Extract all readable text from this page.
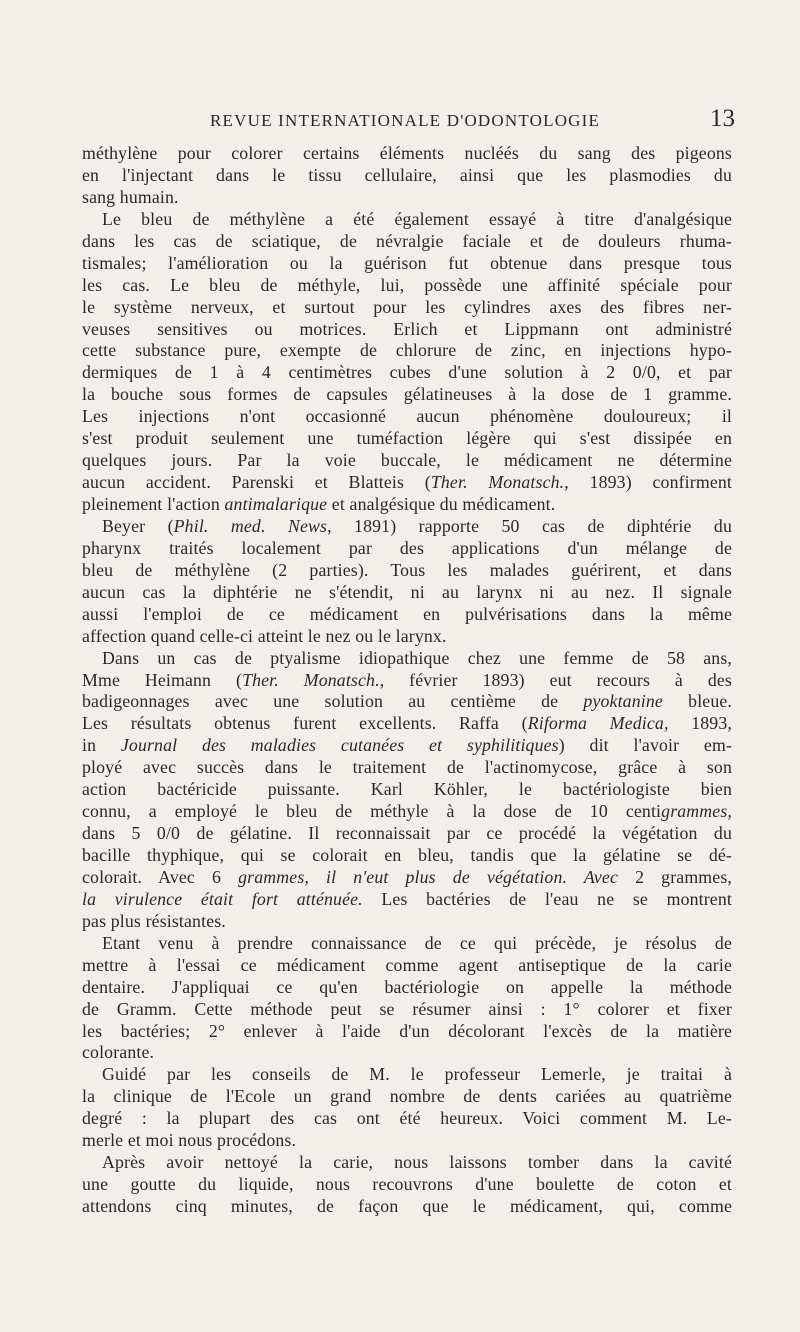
REVUE INTERNATIONALE D'ODONTOLOGIE	13
méthylène pour colorer certains éléments nucléés du sang des pigeons
en l'injectant dans le tissu cellulaire, ainsi que les plasmodies du
sang humain.
Le bleu de méthylène a été également essayé à titre d'analgésique
dans les cas de sciatique, de névralgie faciale et de douleurs rhuma-
tismales; l'amélioration ou la guérison fut obtenue dans presque tous
les cas. Le bleu de méthyle, lui, possède une affinité spéciale pour
le système nerveux, et surtout pour les cylindres axes des fibres ner-
veuses sensitives ou motrices. Erlich et Lippmann ont administré
cette substance pure, exempte de chlorure de zinc, en injections hypo-
dermiques de 1 à 4 centimètres cubes d'une solution à 2 0/0, et par
la bouche sous formes de capsules gélatineuses à la dose de 1 gramme.
Les injections n'ont occasionné aucun phénomène douloureux; il
s'est produit seulement une tuméfaction légère qui s'est dissipée en
quelques jours. Par la voie buccale, le médicament ne détermine
aucun accident. Parenski et Blatteis (Ther. Monatsch., 1893) confirment
pleinement l'action antimalarique et analgésique du médicament.
Beyer (Phil. med. News, 1891) rapporte 50 cas de diphtérie du
pharynx traités localement par des applications d'un mélange de
bleu de méthylène (2 parties). Tous les malades guérirent, et dans
aucun cas la diphtérie ne s'étendit, ni au larynx ni au nez. Il signale
aussi l'emploi de ce médicament en pulvérisations dans la même
affection quand celle-ci atteint le nez ou le larynx.
Dans un cas de ptyalisme idiopathique chez une femme de 58 ans,
Mme Heimann (Ther. Monatsch., février 1893) eut recours à des
badigeonnages avec une solution au centième de pyoktanine bleue.
Les résultats obtenus furent excellents. Raffa (Riforma Medica, 1893,
in Journal des maladies cutanées et syphilitiques) dit l'avoir em-
ployé avec succès dans le traitement de l'actinomycose, grâce à son
action bactéricide puissante. Karl Köhler, le bactériologiste bien
connu, a employé le bleu de méthyle à la dose de 10 centigrammes,
dans 5 0/0 de gélatine. Il reconnaissait par ce procédé la végétation du
bacille thyphique, qui se colorait en bleu, tandis que la gélatine se dé-
colorait. Avec 6 grammes, il n'eut plus de végétation. Avec 2 grammes,
la virulence était fort atténuée. Les bactéries de l'eau ne se montrent
pas plus résistantes.
Etant venu à prendre connaissance de ce qui précède, je résolus de
mettre à l'essai ce médicament comme agent antiseptique de la carie
dentaire. J'appliquai ce qu'en bactériologie on appelle la méthode
de Gramm. Cette méthode peut se résumer ainsi : 1° colorer et fixer
les bactéries; 2° enlever à l'aide d'un décolorant l'excès de la matière
colorante.
Guidé par les conseils de M. le professeur Lemerle, je traitai à
la clinique de l'Ecole un grand nombre de dents cariées au quatrième
degré : la plupart des cas ont été heureux. Voici comment M. Le-
merle et moi nous procédons.
Après avoir nettoyé la carie, nous laissons tomber dans la cavité
une goutte du liquide, nous recouvrons d'une boulette de coton et
attendons cinq minutes, de façon que le médicament, qui, comme
